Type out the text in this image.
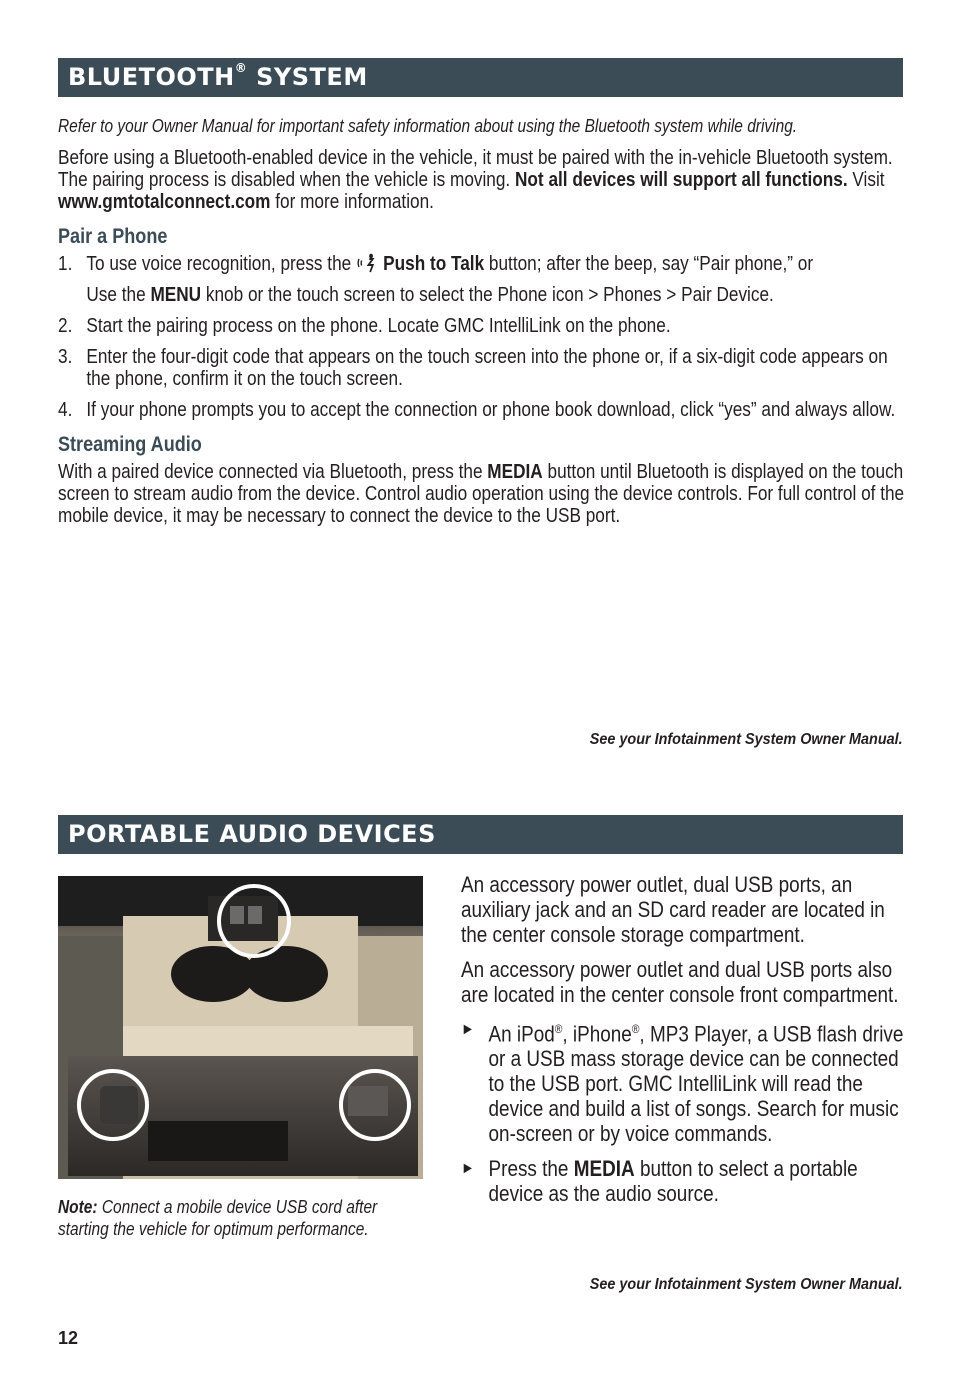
BLUETOOTH® SYSTEM

Refer to your Owner Manual for important safety information about using the Bluetooth system while driving.

Before using a Bluetooth-enabled device in the vehicle, it must be paired with the in-vehicle Bluetooth system. The pairing process is disabled when the vehicle is moving. Not all devices will support all functions. Visit www.gmtotalconnect.com for more information.

Pair a Phone

1. To use voice recognition, press the Push to Talk button; after the beep, say “Pair phone,” or
Use the MENU knob or the touch screen to select the Phone icon > Phones > Pair Device.
2. Start the pairing process on the phone. Locate GMC IntelliLink on the phone.
3. Enter the four-digit code that appears on the touch screen into the phone or, if a six-digit code appears on the phone, confirm it on the touch screen.
4. If your phone prompts you to accept the connection or phone book download, click “yes” and always allow.

Streaming Audio

With a paired device connected via Bluetooth, press the MEDIA button until Bluetooth is displayed on the touch screen to stream audio from the device. Control audio operation using the device controls. For full control of the mobile device, it may be necessary to connect the device to the USB port.

See your Infotainment System Owner Manual.
PORTABLE AUDIO DEVICES
Note: Connect a mobile device USB cord after starting the vehicle for optimum performance.

An accessory power outlet, dual USB ports, an auxiliary jack and an SD card reader are located in the center console storage compartment.

An accessory power outlet and dual USB ports also are located in the center console front compartment.

► An iPod®, iPhone®, MP3 Player, a USB flash drive or a USB mass storage device can be connected to the USB port. GMC IntelliLink will read the device and build a list of songs. Search for music on-screen or by voice commands.
► Press the MEDIA button to select a portable device as the audio source.
See your Infotainment System Owner Manual.
12
